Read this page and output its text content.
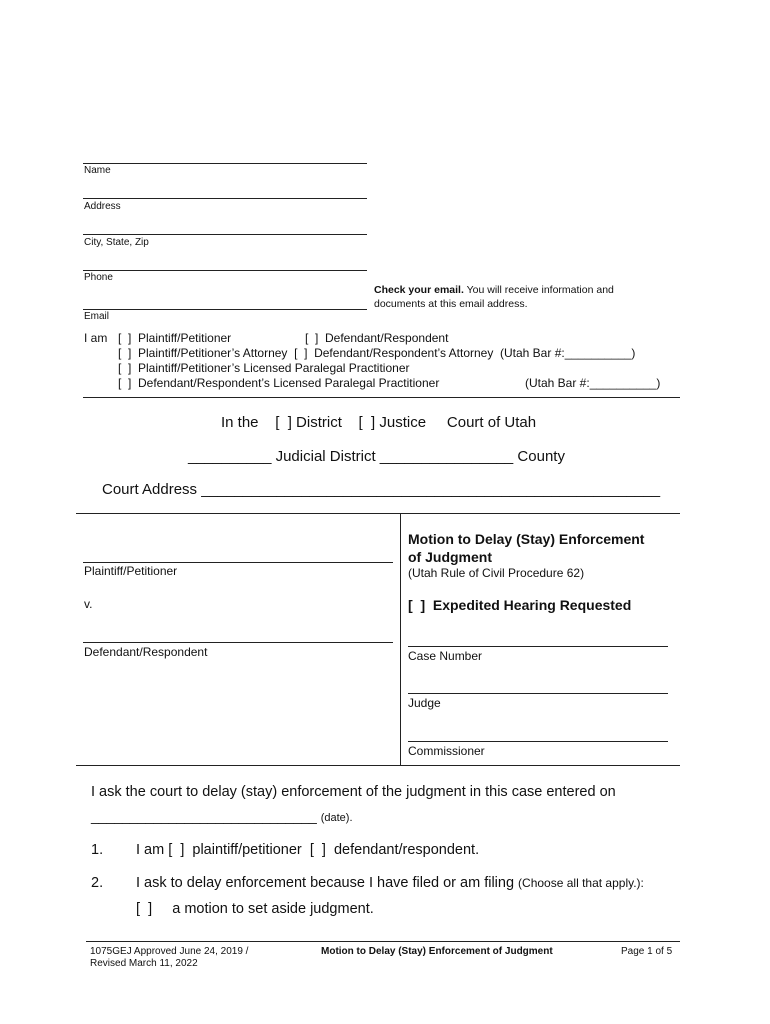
Name
Address
City, State, Zip
Phone
Email
Check your email. You will receive information and
documents at this email address.
I am [  ]  Plaintiff/Petitioner	[  ]  Defendant/Respondent
[  ]  Plaintiff/Petitioner’s Attorney  [  ]  Defendant/Respondent’s Attorney  (Utah Bar #:__________)
[  ]  Plaintiff/Petitioner’s Licensed Paralegal Practitioner
[  ]  Defendant/Respondent’s Licensed Paralegal Practitioner	(Utah Bar #:__________)
In the    [  ] District    [  ] Justice     Court of Utah
__________ Judicial District ________________ County
Court Address _______________________________________________________
Plaintiff/Petitioner
v.
Defendant/Respondent
Motion to Delay (Stay) Enforcement
of Judgment
(Utah Rule of Civil Procedure 62)
[  ]  Expedited Hearing Requested
Case Number
Judge
Commissioner
I ask the court to delay (stay) enforcement of the judgment in this case entered on
_____________________________ (date).
1. I am [  ]  plaintiff/petitioner  [  ]  defendant/respondent.
2. I ask to delay enforcement because I have filed or am filing (Choose all that apply.):
[  ]     a motion to set aside judgment.
1075GEJ Approved June 24, 2019 /
Revised March 11, 2022
Motion to Delay (Stay) Enforcement of Judgment	Page 1 of 5
